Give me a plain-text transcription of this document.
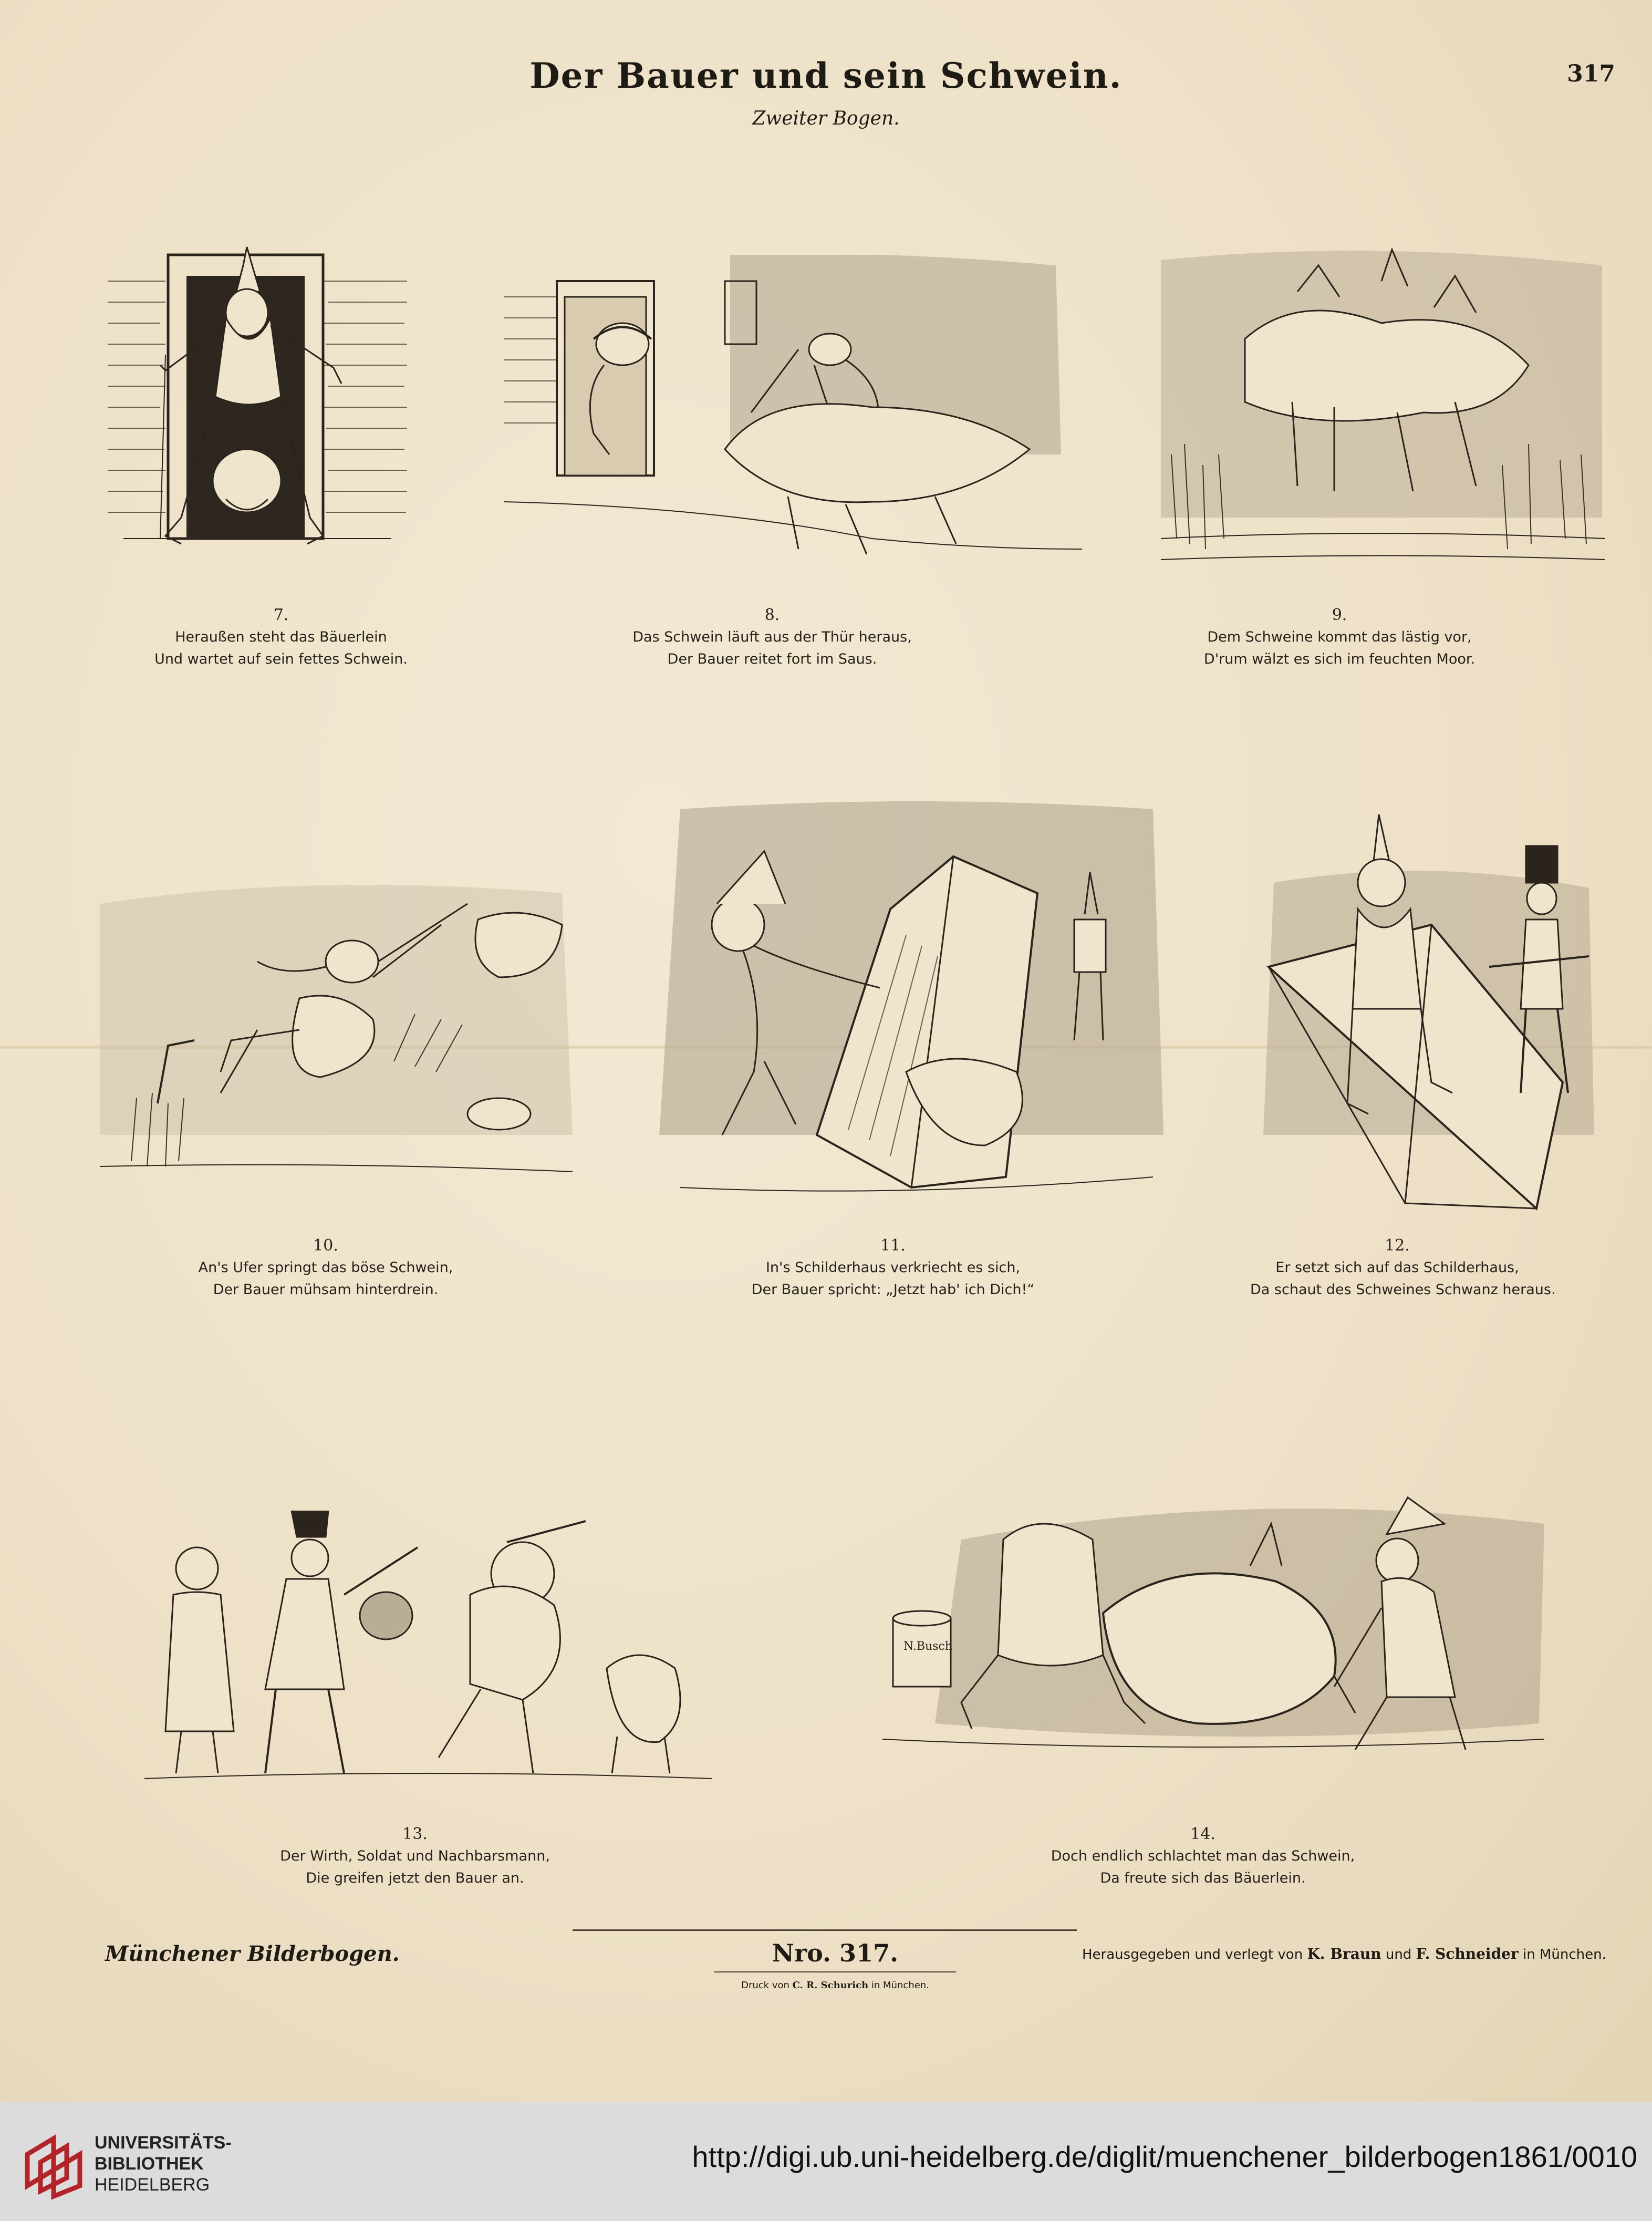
Der Bauer und sein Schwein.
Zweiter Bogen.
317
7.
Heraußen steht das Bäuerlein
Und wartet auf sein fettes Schwein.
8.
Das Schwein läuft aus der Thür heraus,
Der Bauer reitet fort im Saus.
9.
Dem Schweine kommt das lästig vor,
D'rum wälzt es sich im feuchten Moor.
10.
An's Ufer springt das böse Schwein,
Der Bauer mühsam hinterdrein.
11.
In's Schilderhaus verkriecht es sich,
Der Bauer spricht: „Jetzt hab' ich Dich!“
12.
Er setzt sich auf das Schilderhaus,
Da schaut des Schweines Schwanz heraus.
13.
Der Wirth, Soldat und Nachbarsmann,
Die greifen jetzt den Bauer an.
N.Busch
14.
Doch endlich schlachtet man das Schwein,
Da freute sich das Bäuerlein.
Münchener Bilderbogen.	Nro. 317.	Herausgegeben und verlegt von K. Braun und F. Schneider in München.
Druck von C. R. Schurich in München.
UNIVERSITÄTS-
BIBLIOTHEK
HEIDELBERG
http://digi.ub.uni-heidelberg.de/diglit/muenchener_bilderbogen1861/0010
